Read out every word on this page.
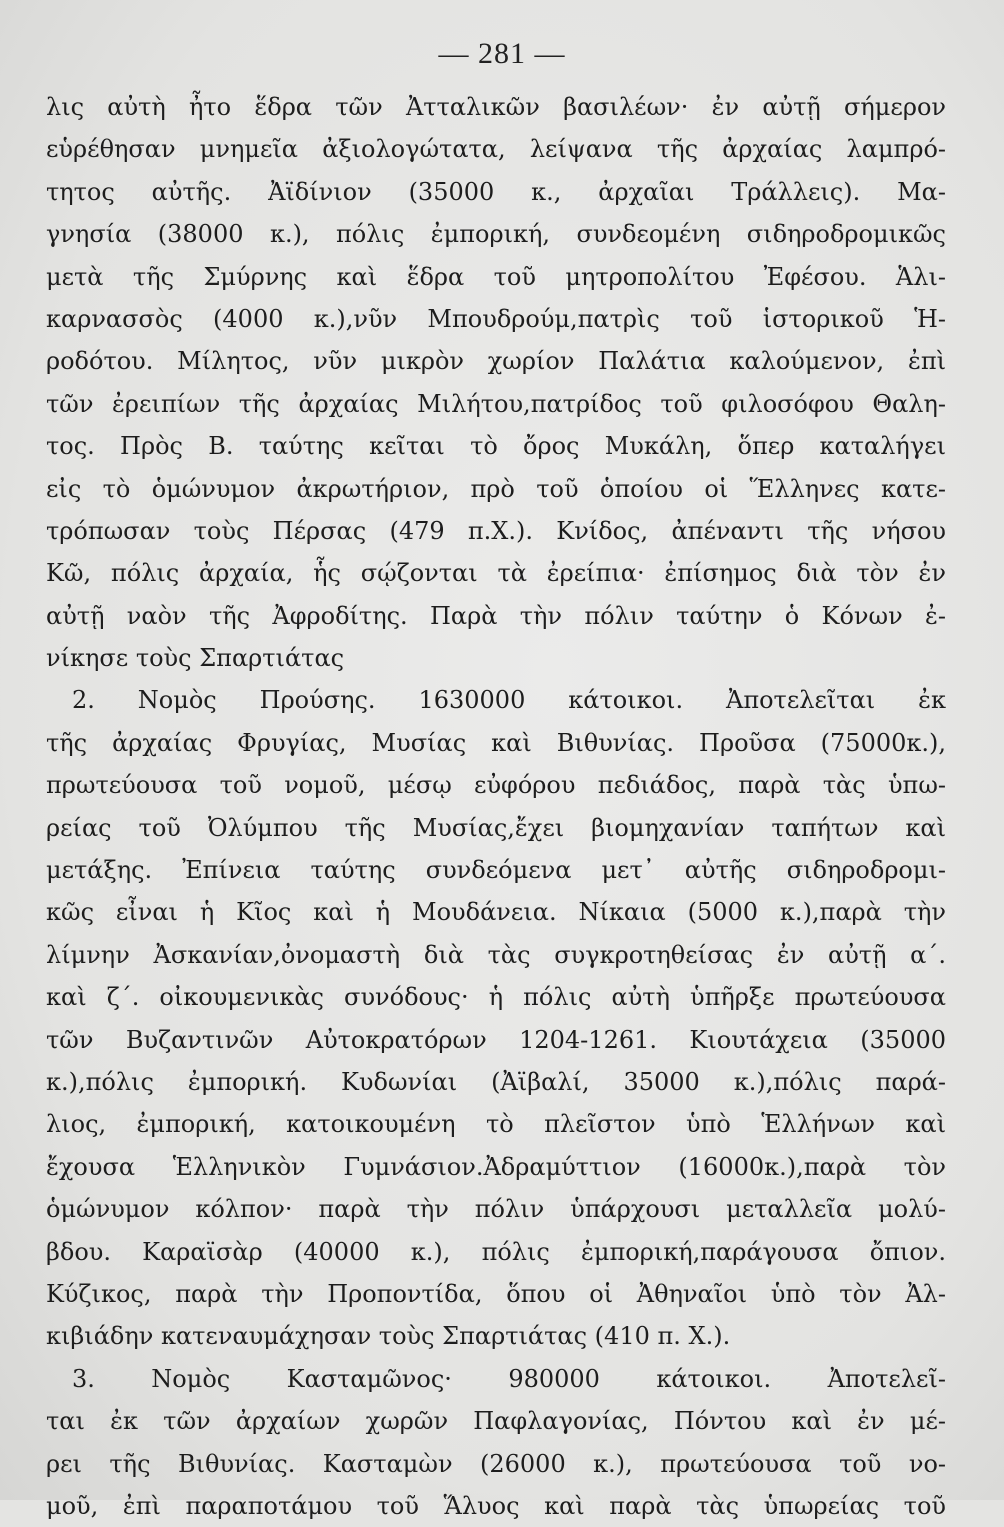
— 281 —
λις αὐτὴ ἦτο ἕδρα τῶν Ἀτταλικῶν βασιλέων· ἐν αὐτῇ σήμερον
εὑρέθησαν μνημεῖα ἀξιολογώτατα, λείψανα τῆς ἀρχαίας λαμπρό-
τητος αὐτῆς. Ἀϊδίνιον (35000 κ., ἀρχαῖαι Τράλλεις). Μα-
γνησία (38000 κ.), πόλις ἐμπορική, συνδεομένη σιδηροδρομικῶς
μετὰ τῆς Σμύρνης καὶ ἕδρα τοῦ μητροπολίτου Ἐφέσου. Ἁλι-
καρνασσὸς (4000 κ.),νῦν Μπουδρούμ,πατρὶς τοῦ ἱστορικοῦ Ἡ-
ροδότου. Μίλητος, νῦν μικρὸν χωρίον Παλάτια καλούμενον, ἐπὶ
τῶν ἐρειπίων τῆς ἀρχαίας Μιλήτου,πατρίδος τοῦ φιλοσόφου Θαλη-
τος. Πρὸς Β. ταύτης κεῖται τὸ ὄρος Μυκάλη, ὅπερ καταλήγει
εἰς τὸ ὁμώνυμον ἀκρωτήριον, πρὸ τοῦ ὁποίου οἱ Ἕλληνες κατε-
τρόπωσαν τοὺς Πέρσας (479 π.Χ.). Κνίδος, ἀπέναντι τῆς νήσου
Κῶ, πόλις ἀρχαία, ἧς σῴζονται τὰ ἐρείπια· ἐπίσημος διὰ τὸν ἐν
αὐτῇ ναὸν τῆς Ἀφροδίτης. Παρὰ τὴν πόλιν ταύτην ὁ Κόνων ἐ-
νίκησε τοὺς Σπαρτιάτας
2. Νομὸς Προύσης. 1630000 κάτοικοι. Ἀποτελεῖται ἐκ
τῆς ἀρχαίας Φρυγίας, Μυσίας καὶ Βιθυνίας. Προῦσα (75000κ.),
πρωτεύουσα τοῦ νομοῦ, μέσῳ εὐφόρου πεδιάδος, παρὰ τὰς ὑπω-
ρείας τοῦ Ὀλύμπου τῆς Μυσίας,ἔχει βιομηχανίαν ταπήτων καὶ
μετάξης. Ἐπίνεια ταύτης συνδεόμενα μετ᾽ αὐτῆς σιδηροδρομι-
κῶς εἶναι ἡ Κῖος καὶ ἡ Μουδάνεια. Νίκαια (5000 κ.),παρὰ τὴν
λίμνην Ἀσκανίαν,ὀνομαστὴ διὰ τὰς συγκροτηθείσας ἐν αὐτῇ α΄.
καὶ ζ΄. οἰκουμενικὰς συνόδους· ἡ πόλις αὐτὴ ὑπῆρξε πρωτεύουσα
τῶν Βυζαντινῶν Αὐτοκρατόρων 1204-1261. Κιουτάχεια (35000
κ.),πόλις ἐμπορική. Κυδωνίαι (Ἀϊβαλί, 35000 κ.),πόλις παρά-
λιος, ἐμπορική, κατοικουμένη τὸ πλεῖστον ὑπὸ Ἑλλήνων καὶ
ἔχουσα Ἑλληνικὸν Γυμνάσιον.Ἀδραμύττιον (16000κ.),παρὰ τὸν
ὁμώνυμον κόλπον· παρὰ τὴν πόλιν ὑπάρχουσι μεταλλεῖα μολύ-
βδου. Καραϊσὰρ (40000 κ.), πόλις ἐμπορική,παράγουσα ὄπιον.
Κύζικος, παρὰ τὴν Προποντίδα, ὅπου οἱ Ἀθηναῖοι ὑπὸ τὸν Ἀλ-
κιβιάδην κατεναυμάχησαν τοὺς Σπαρτιάτας (410 π. Χ.).
3. Νομὸς Κασταμῶνος· 980000 κάτοικοι. Ἀποτελεῖ-
ται ἐκ τῶν ἀρχαίων χωρῶν Παφλαγονίας, Πόντου καὶ ἐν μέ-
ρει τῆς Βιθυνίας. Κασταμὼν (26000 κ.), πρωτεύουσα τοῦ νο-
μοῦ, ἐπὶ παραποτάμου τοῦ Ἅλυος καὶ παρὰ τὰς ὑπωρείας τοῦ
